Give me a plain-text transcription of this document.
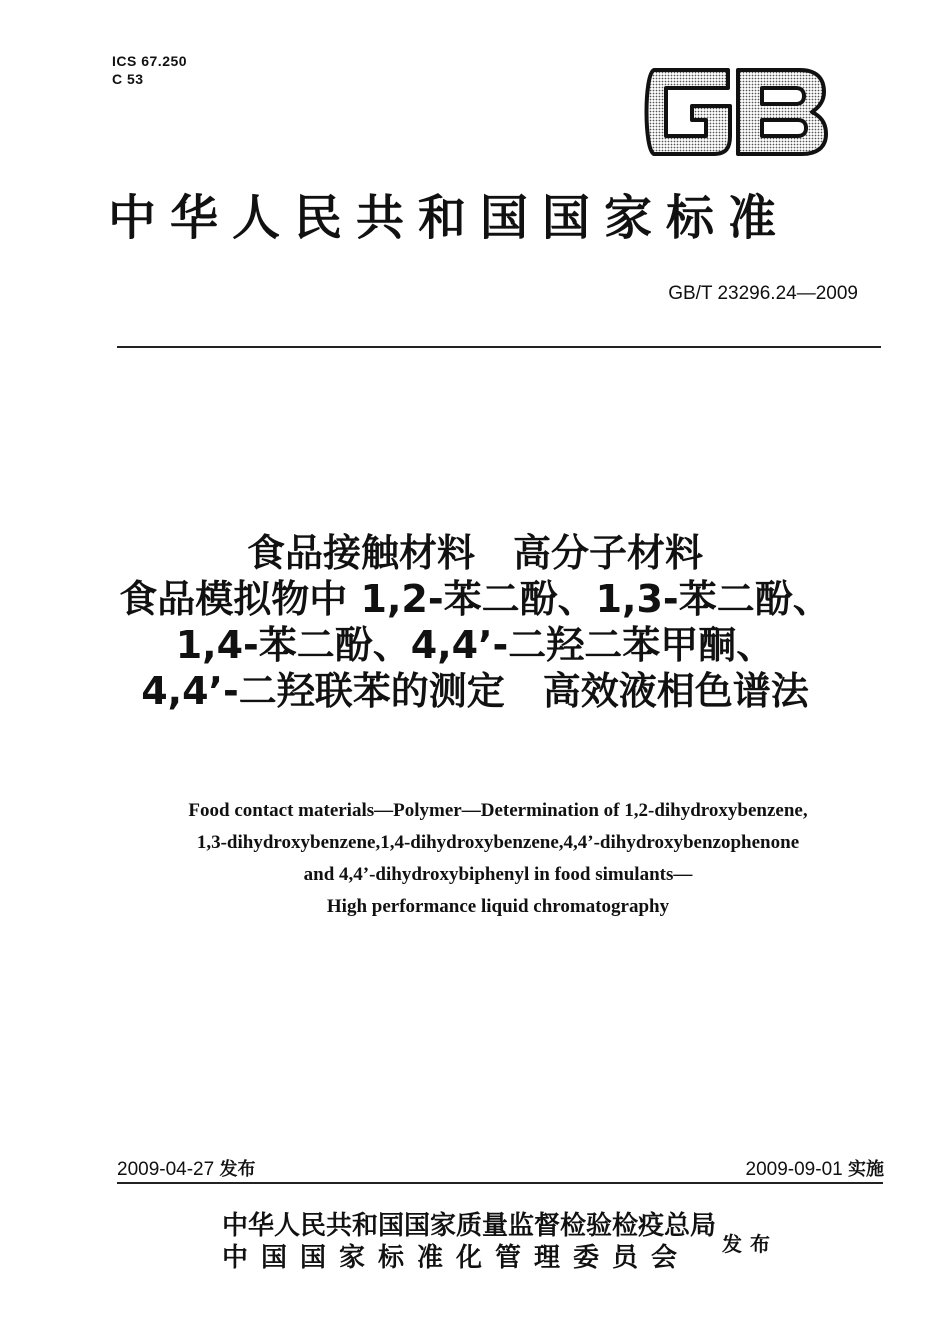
ICS 67.250
C 53
中华人民共和国国家标准
GB/T 23296.24—2009
食品接触材料　高分子材料
食品模拟物中 1,2-苯二酚、1,3-苯二酚、
1,4-苯二酚、4,4’-二羟二苯甲酮、
4,4’-二羟联苯的测定　高效液相色谱法
Food contact materials—Polymer—Determination of 1,2-dihydroxybenzene,
1,3-dihydroxybenzene,1,4-dihydroxybenzene,4,4’-dihydroxybenzophenone
and 4,4’-dihydroxybiphenyl in food simulants—
High performance liquid chromatography
2009-04-27 发布	2009-09-01 实施
中华人民共和国国家质量监督检验检疫总局
中国国家标准化管理委员会	发布
